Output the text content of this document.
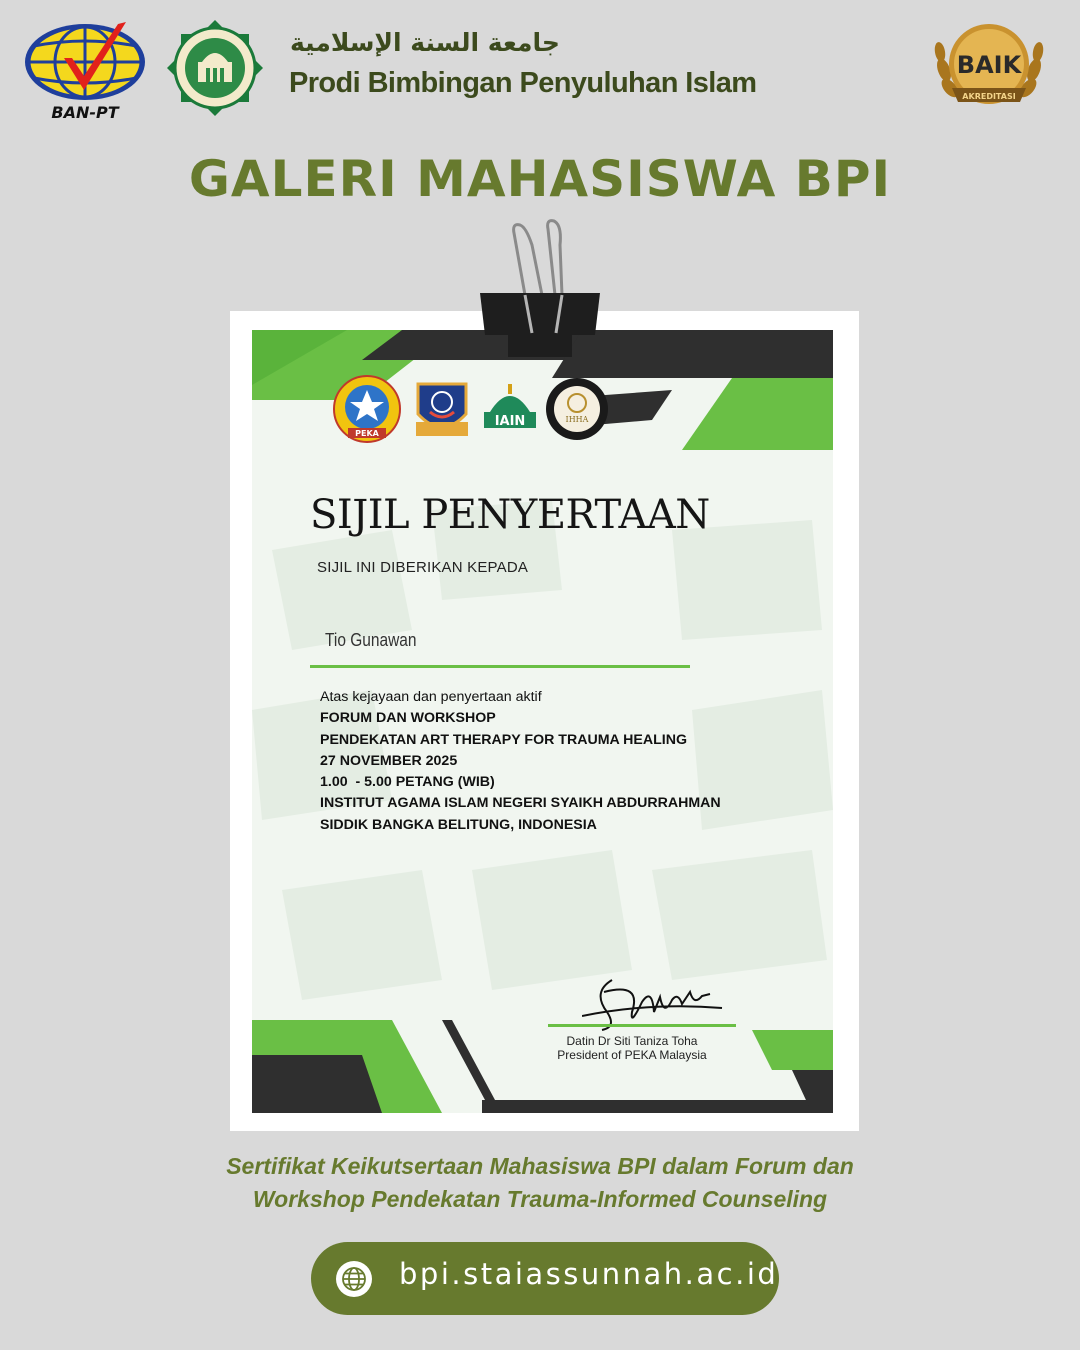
BAN-PT
جامعة السنة الإسلامية
Prodi Bimbingan Penyuluhan Islam
BAIK
AKREDITASI
GALERI MAHASISWA BPI
PEKA
IAIN	IHHA
SIJIL PENYERTAAN
SIJIL INI DIBERIKAN KEPADA
Tio Gunawan
Atas kejayaan dan penyertaan aktif
FORUM DAN WORKSHOP
PENDEKATAN ART THERAPY FOR TRAUMA HEALING
27 NOVEMBER 2025
1.00  - 5.00 PETANG (WIB)
INSTITUT AGAMA ISLAM NEGERI SYAIKH ABDURRAHMAN
SIDDIK BANGKA BELITUNG, INDONESIA
Datin Dr Siti Taniza Toha
President of PEKA Malaysia
Sertifikat Keikutsertaan Mahasiswa BPI dalam Forum dan
Workshop Pendekatan Trauma-Informed Counseling
bpi.staiassunnah.ac.id
